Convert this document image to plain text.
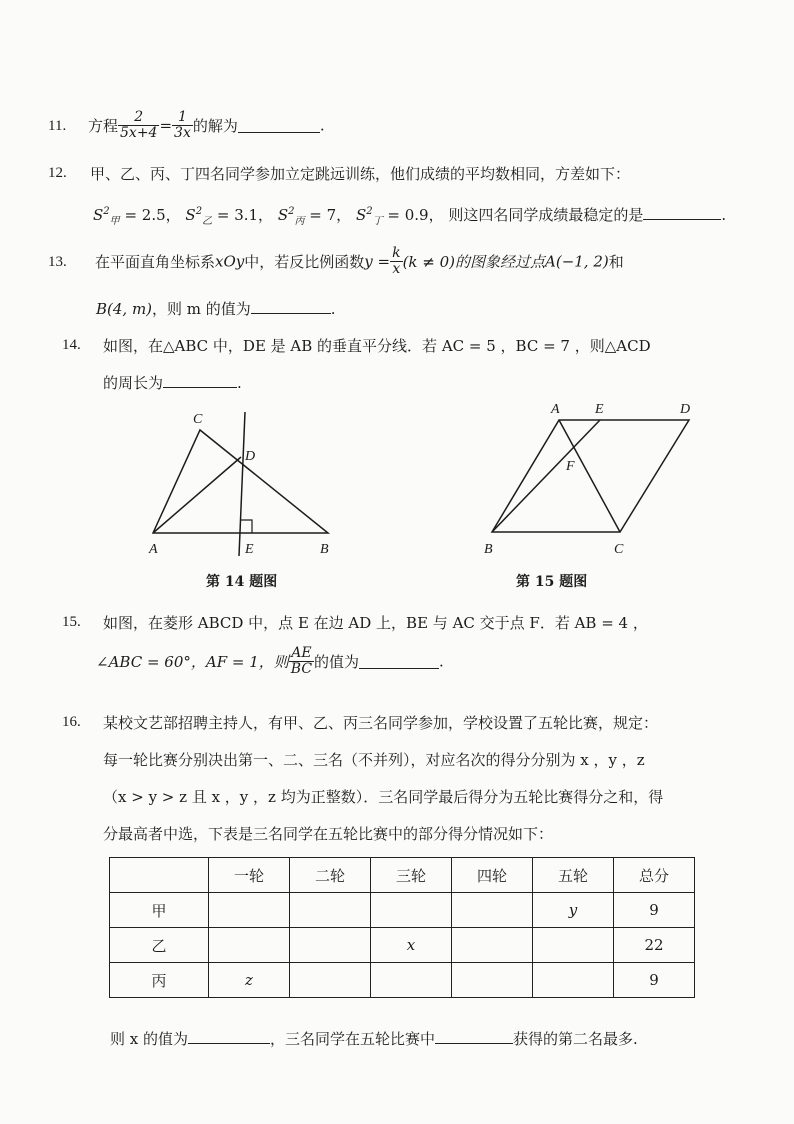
11. 方程 $\frac{2}{5x+4} = \frac{1}{3x}$ 的解为	.
12. 甲、乙、丙、丁四名同学参加立定跳远训练，他们成绩的平均数相同，方差如下：
$S^2_甲 = 2.5$， $S^2_乙 = 3.1$， $S^2_丙 = 7$， $S^2_丁 = 0.9$， 则这四名同学成绩最稳定的是	.
13. 在平面直角坐标系xOy中，若反比例函数$y = \frac{k}{x} (k \ne 0)$的图象经过点A(−1, 2)和
B(4, m)，则 m 的值为	.
14. 如图，在△ABC 中，DE 是 AB 的垂直平分线．若 AC = 5 ，BC = 7 ，则△ACD
的周长为	.
C
D
A	E	B
A	E	D
F
B	C
第 14 题图	第 15 题图
15. 如图，在菱形 ABCD 中，点 E 在边 AD 上，BE 与 AC 交于点 F．若 AB = 4 ，
∠ABC = 60°，AF = 1，则 $\frac{AE}{BC}$ 的值为	.
16. 某校文艺部招聘主持人，有甲、乙、丙三名同学参加，学校设置了五轮比赛，规定：
每一轮比赛分别决出第一、二、三名（不并列），对应名次的得分分别为 x ，y ，z
（x > y > z 且 x ，y ，z 均为正整数）．三名同学最后得分为五轮比赛得分之和，得
分最高者中选，下表是三名同学在五轮比赛中的部分得分情况如下：
	一轮	二轮	三轮	四轮	五轮	总分
甲					y	9
乙			x			22
丙	z					9
则 x 的值为	，三名同学在五轮比赛中	获得的第二名最多.
